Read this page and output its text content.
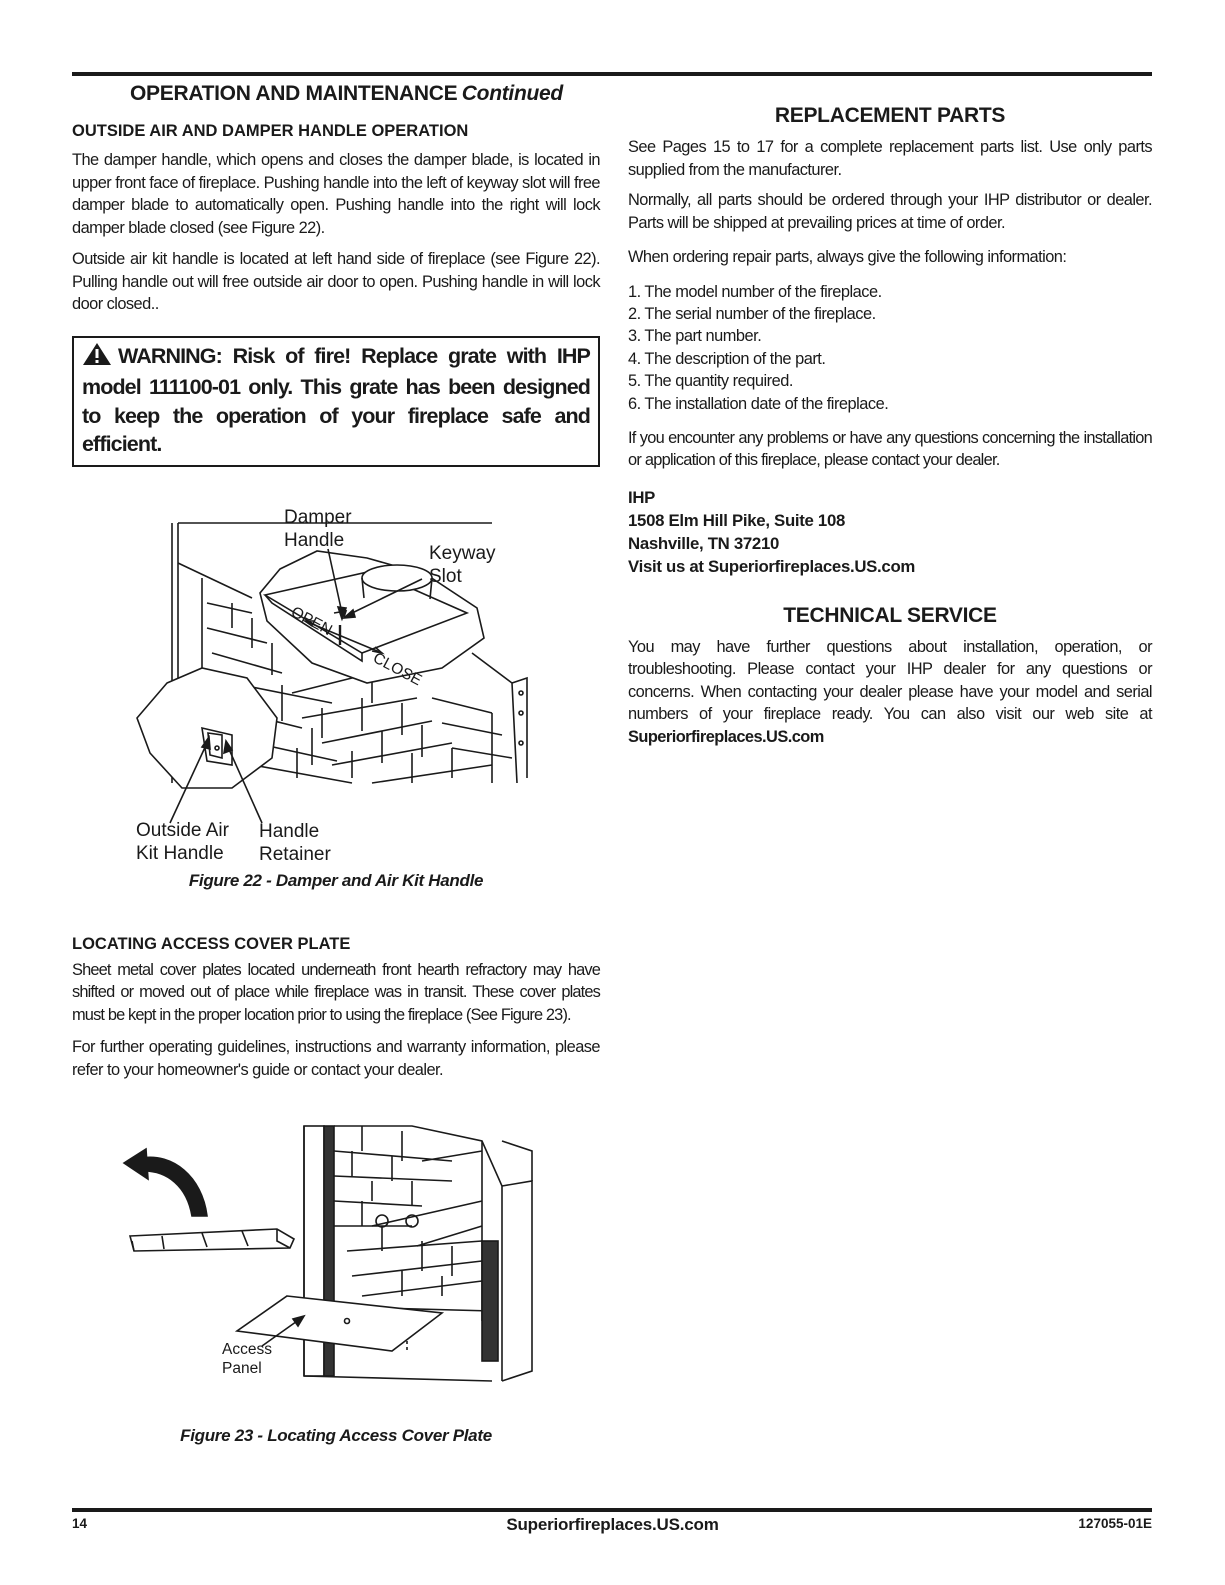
OPERATION AND MAINTENANCE Continued
OUTSIDE AIR AND DAMPER HANDLE OPERATION

The damper handle, which opens and closes the damper blade, is located in upper front face of fireplace. Pushing handle into the left of keyway slot will free damper blade to automatically open. Pushing handle into the right will lock damper blade closed (see Figure 22).

Outside air kit handle is located at left hand side of fireplace (see Figure 22). Pulling handle out will free outside air door to open. Pushing handle in will lock door closed..

WARNING: Risk of fire! Replace grate with IHP model 111100-01 only. This grate has been designed to keep the operation of your fireplace safe and efficient.
OPEN
CLOSE
Damper
Handle
Keyway
Slot
Outside Air
Kit Handle
Handle
Retainer
Figure 22 - Damper and Air Kit Handle
LOCATING ACCESS COVER PLATE

Sheet metal cover plates located underneath front hearth refractory may have shifted or moved out of place while fireplace was in transit. These cover plates must be kept in the proper location prior to using the fireplace (See Figure 23).

For further operating guidelines, instructions and warranty information, please refer to your homeowner's guide or contact your dealer.

Access
Panel
Figure 23 - Locating Access Cover Plate
REPLACEMENT PARTS

See Pages 15 to 17 for a complete replacement parts list. Use only parts supplied from the manufacturer.

Normally, all parts should be ordered through your IHP distributor or dealer. Parts will be shipped at prevailing prices at time of order.

When ordering repair parts, always give the following information:

1. The model number of the fireplace.
2. The serial number of the fireplace.
3. The part number.
4. The description of the part.
5. The quantity required.
6. The installation date of the fireplace.

If you encounter any problems or have any questions concerning the installation or application of this fireplace, please contact your dealer.

IHP
1508 Elm Hill Pike, Suite 108
Nashville, TN 37210
Visit us at Superiorfireplaces.US.com
TECHNICAL SERVICE

You may have further questions about installation, operation, or troubleshooting. Please contact your IHP dealer for any questions or concerns. When contacting your dealer please have your model and serial numbers of your fireplace ready. You can also visit our web site at Superiorfireplaces.US.com

14	Superiorfireplaces.US.com	127055-01E
